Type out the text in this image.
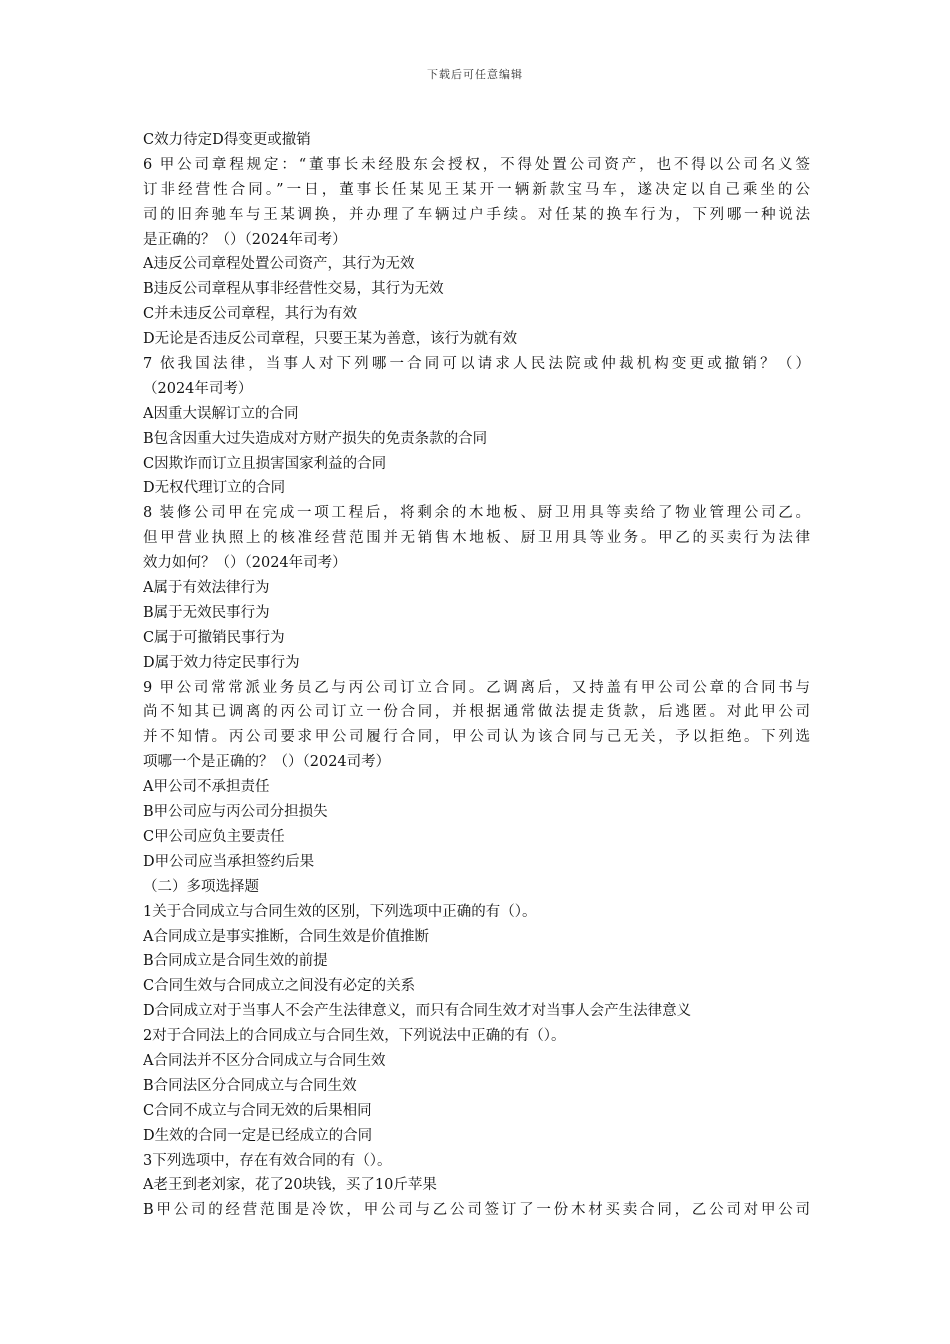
下载后可任意编辑
C效力待定D得变更或撤销
6 甲公司章程规定：“董事长未经股东会授权，不得处置公司资产，也不得以公司名义签
订非经营性合同。”一日，董事长任某见王某开一辆新款宝马车，遂决定以自己乘坐的公
司的旧奔驰车与王某调换，并办理了车辆过户手续。对任某的换车行为，下列哪一种说法
是正确的？（）（2024年司考）
A违反公司章程处置公司资产，其行为无效
B违反公司章程从事非经营性交易，其行为无效
C并未违反公司章程，其行为有效
D无论是否违反公司章程，只要王某为善意，该行为就有效
7 依我国法律，当事人对下列哪一合同可以请求人民法院或仲裁机构变更或撤销？（）
（2024年司考）
A因重大误解订立的合同
B包含因重大过失造成对方财产损失的免责条款的合同
C因欺诈而订立且损害国家利益的合同
D无权代理订立的合同
8 装修公司甲在完成一项工程后，将剩余的木地板、厨卫用具等卖给了物业管理公司乙。
但甲营业执照上的核准经营范围并无销售木地板、厨卫用具等业务。甲乙的买卖行为法律
效力如何？（）（2024年司考）
A属于有效法律行为
B属于无效民事行为
C属于可撤销民事行为
D属于效力待定民事行为
9 甲公司常常派业务员乙与丙公司订立合同。乙调离后，又持盖有甲公司公章的合同书与
尚不知其已调离的丙公司订立一份合同，并根据通常做法提走货款，后逃匿。对此甲公司
并不知情。丙公司要求甲公司履行合同，甲公司认为该合同与己无关，予以拒绝。下列选
项哪一个是正确的？（）（2024司考）
A甲公司不承担责任
B甲公司应与丙公司分担损失
C甲公司应负主要责任
D甲公司应当承担签约后果
（二）多项选择题
1关于合同成立与合同生效的区别，下列选项中正确的有（）。
A合同成立是事实推断，合同生效是价值推断
B合同成立是合同生效的前提
C合同生效与合同成立之间没有必定的关系
D合同成立对于当事人不会产生法律意义，而只有合同生效才对当事人会产生法律意义
2对于合同法上的合同成立与合同生效，下列说法中正确的有（）。
A合同法并不区分合同成立与合同生效
B合同法区分合同成立与合同生效
C合同不成立与合同无效的后果相同
D生效的合同一定是已经成立的合同
3下列选项中，存在有效合同的有（）。
A老王到老刘家，花了20块钱，买了10斤苹果
B甲公司的经营范围是冷饮，甲公司与乙公司签订了一份木材买卖合同，乙公司对甲公司
